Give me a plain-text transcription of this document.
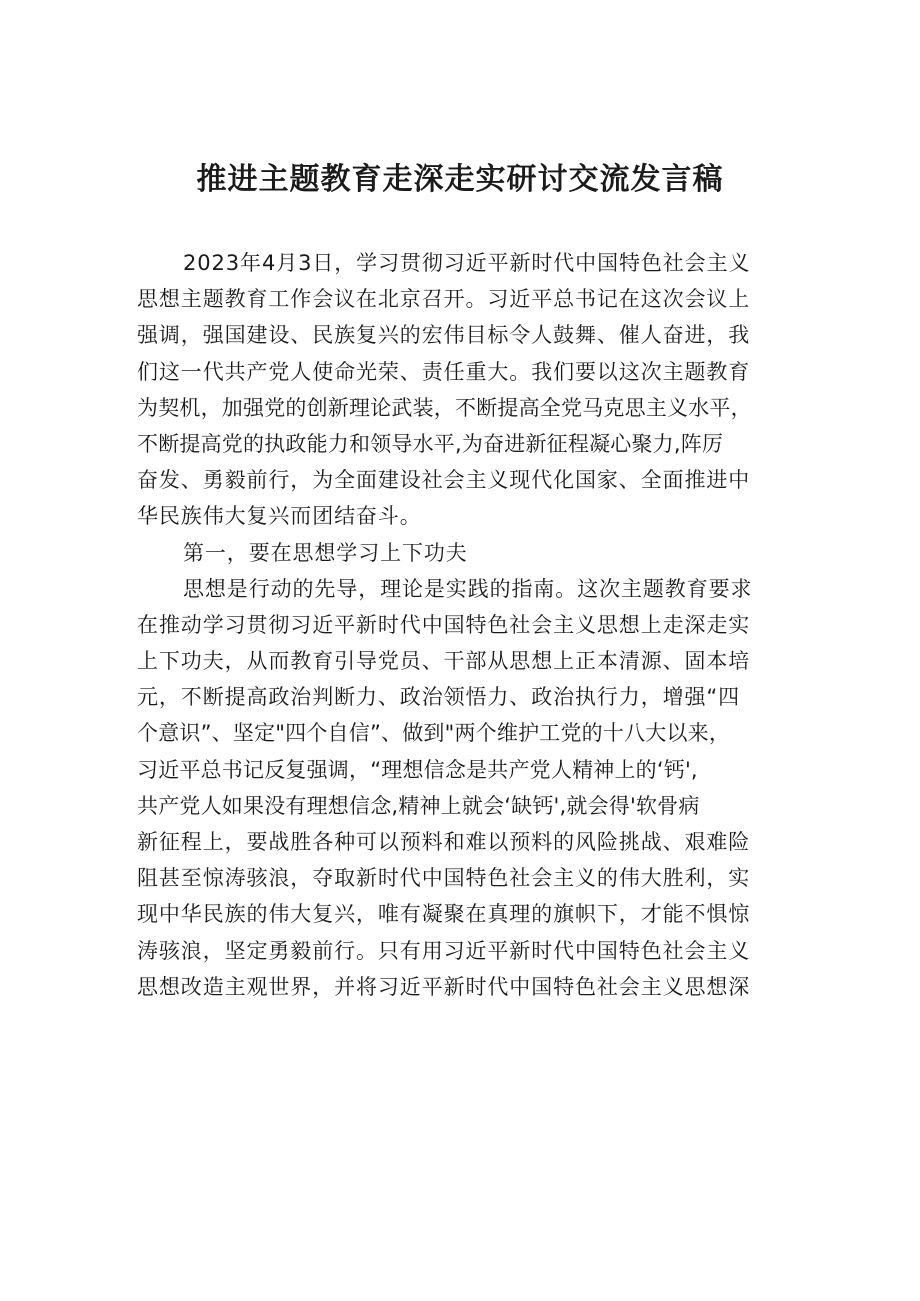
推进主题教育走深走实研讨交流发言稿
2023年4月3日，学习贯彻习近平新时代中国特色社会主义
思想主题教育工作会议在北京召开。习近平总书记在这次会议上
强调，强国建设、民族复兴的宏伟目标令人鼓舞、催人奋进，我
们这一代共产党人使命光荣、责任重大。我们要以这次主题教育
为契机，加强党的创新理论武装，不断提高全党马克思主义水平，
不断提高党的执政能力和领导水平,为奋进新征程凝心聚力,阵厉
奋发、勇毅前行，为全面建设社会主义现代化国家、全面推进中
华民族伟大复兴而团结奋斗。
第一，要在思想学习上下功夫
思想是行动的先导，理论是实践的指南。这次主题教育要求
在推动学习贯彻习近平新时代中国特色社会主义思想上走深走实
上下功夫，从而教育引导党员、干部从思想上正本清源、固本培
元，不断提高政治判断力、政治领悟力、政治执行力，增强“四
个意识”、坚定"四个自信”、做到"两个维护工党的十八大以来，
习近平总书记反复强调，“理想信念是共产党人精神上的‘钙',
共产党人如果没有理想信念,精神上就会‘缺钙',就会得'软骨病
新征程上，要战胜各种可以预料和难以预料的风险挑战、艰难险
阻甚至惊涛骇浪，夺取新时代中国特色社会主义的伟大胜利，实
现中华民族的伟大复兴，唯有凝聚在真理的旗帜下，才能不惧惊
涛骇浪，坚定勇毅前行。只有用习近平新时代中国特色社会主义
思想改造主观世界，并将习近平新时代中国特色社会主义思想深
